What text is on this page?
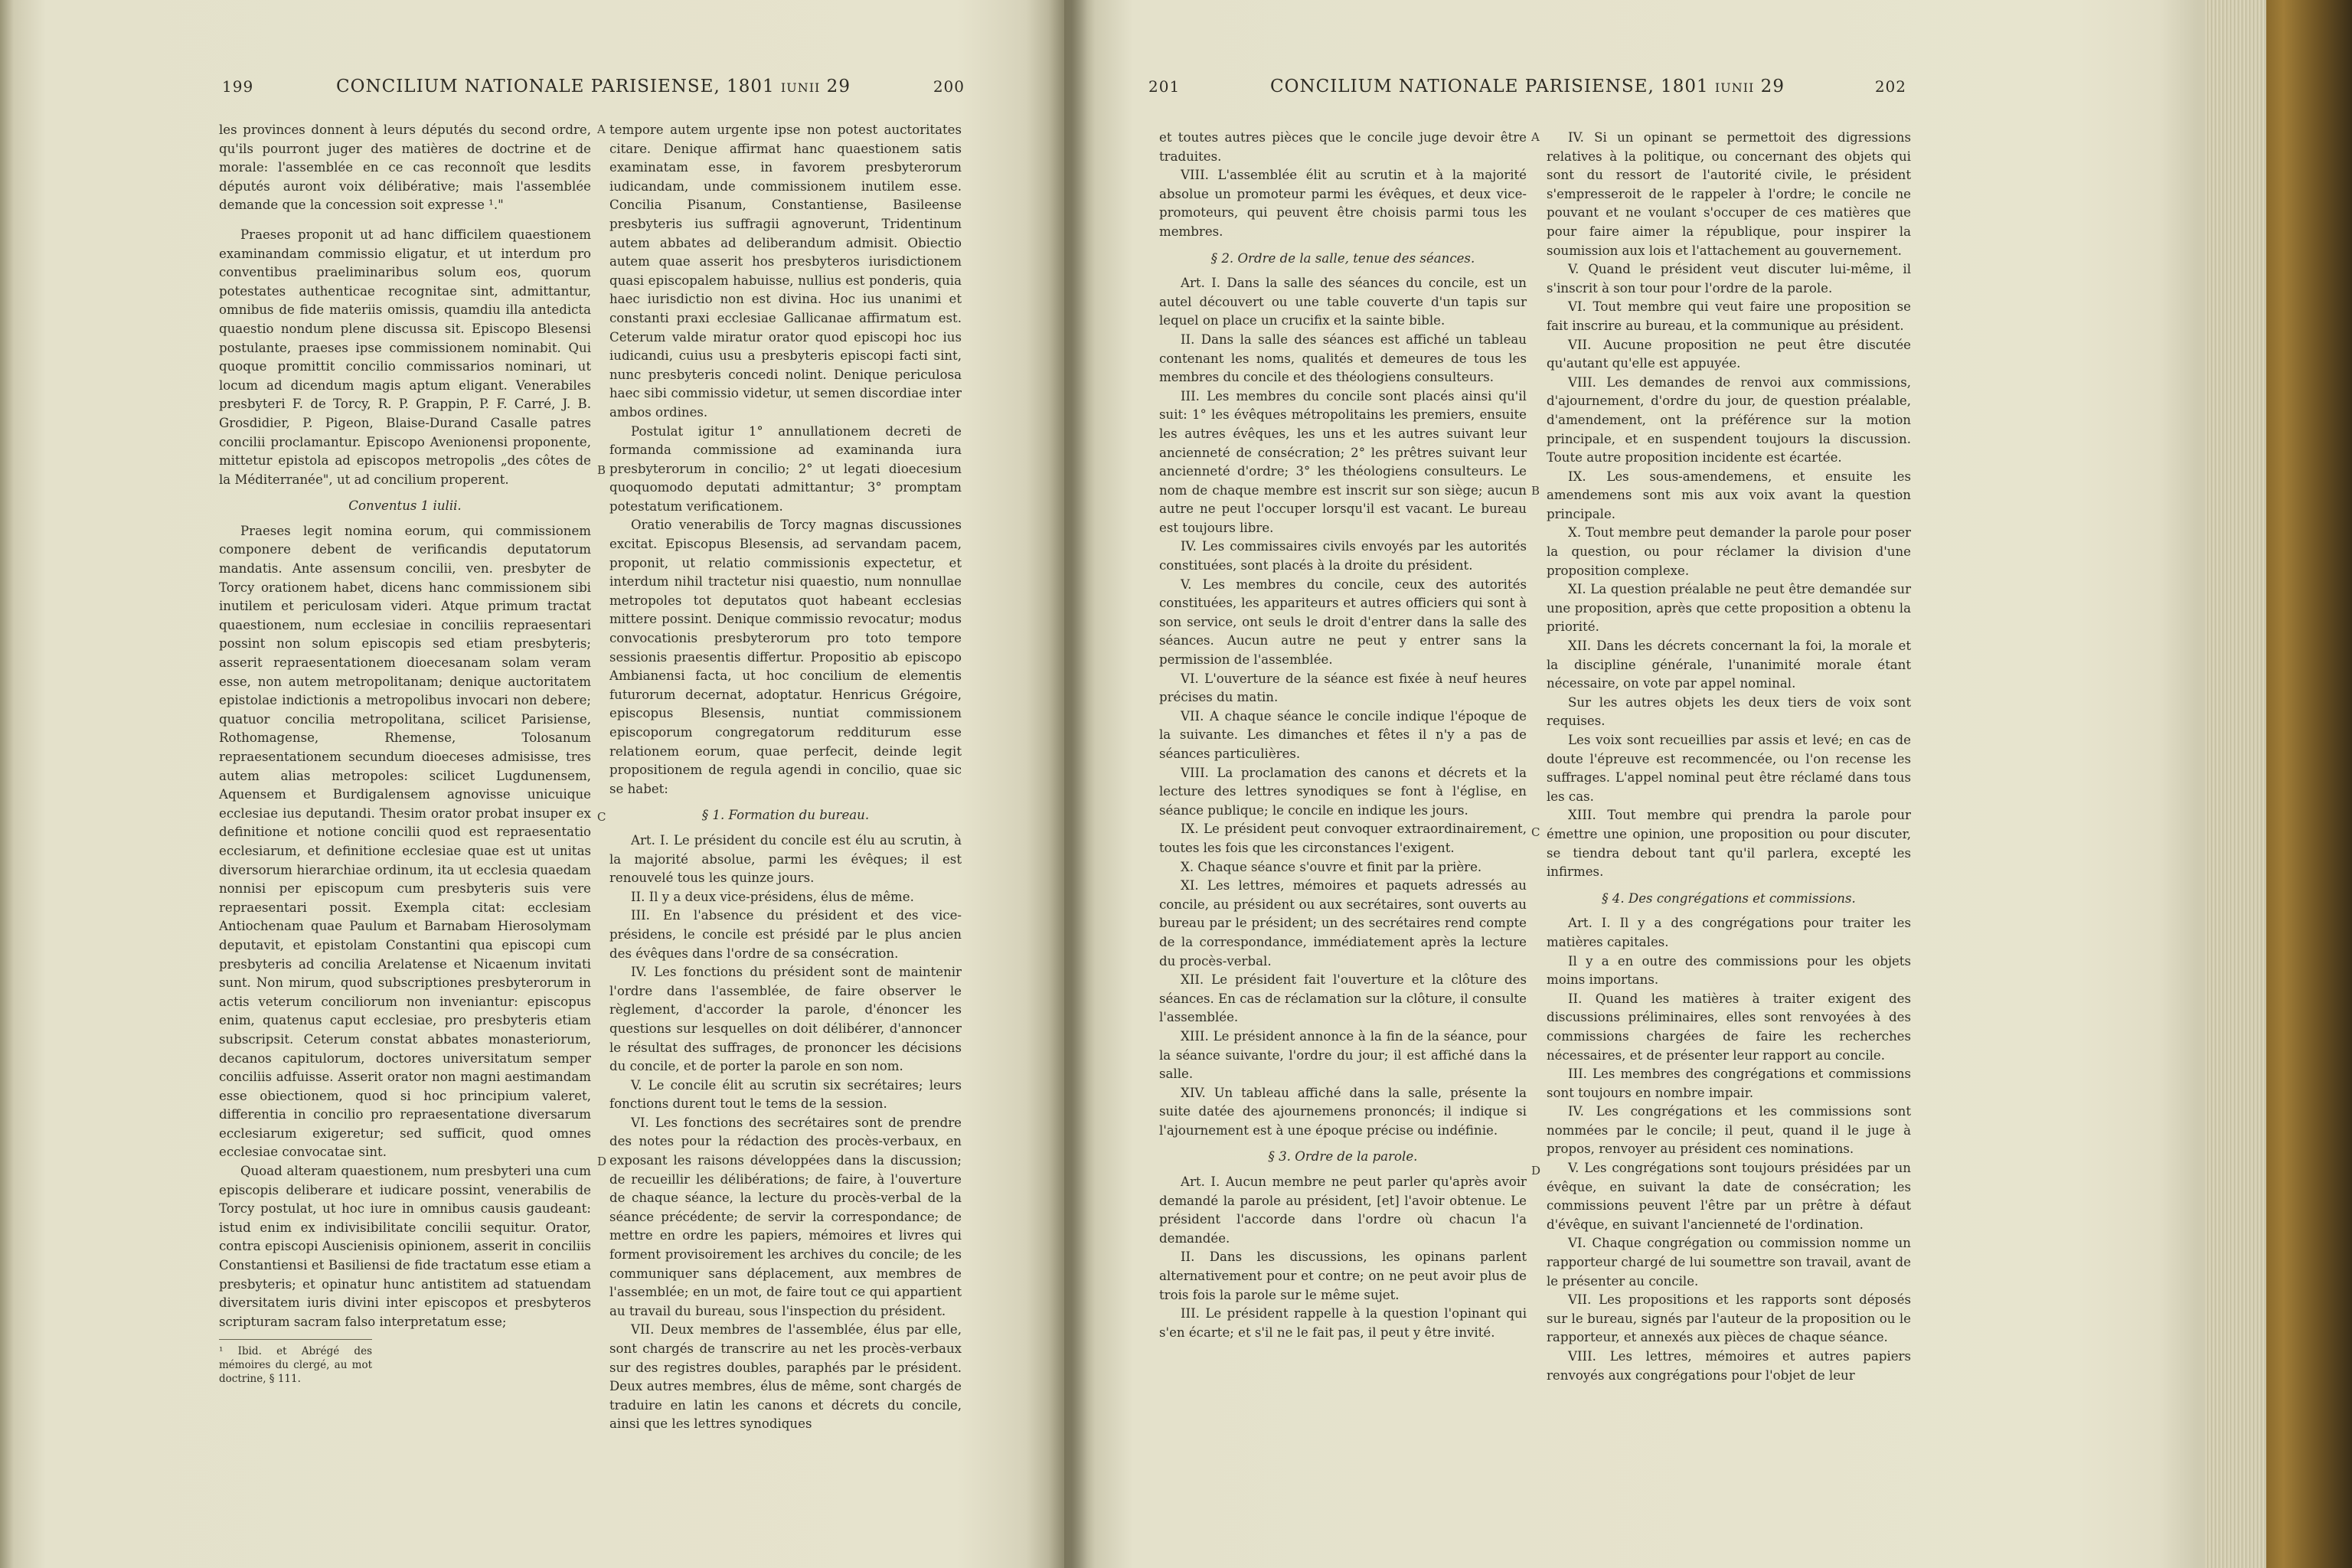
199	CONCILIUM NATIONALE PARISIENSE, 1801 iunii 29	200

les provinces donnent à leurs députés du second ordre, qu'ils pourront juger des matières de doctrine et de morale: l'assemblée en ce cas reconnoît que lesdits députés auront voix délibérative; mais l'assemblée demande que la concession soit expresse ¹."

Praeses proponit ut ad hanc difficilem quaestionem examinandam commissio eligatur, et ut interdum pro conventibus praeliminaribus solum eos, quorum potestates authenticae recognitae sint, admittantur, omnibus de fide materiis omissis, quamdiu illa antedicta quaestio nondum plene discussa sit. Episcopo Blesensi postulante, praeses ipse commissionem nominabit. Qui quoque promittit concilio commissarios nominari, ut locum ad dicendum magis aptum eligant. Venerabiles presbyteri F. de Torcy, R. P. Grappin, P. F. Carré, J. B. Grosdidier, P. Pigeon, Blaise-Durand Casalle patres concilii proclamantur. Episcopo Avenionensi proponente, mittetur epistola ad episcopos metropolis „des côtes de la Méditerranée", ut ad concilium properent.

Conventus 1 iulii.

Praeses legit nomina eorum, qui commissionem componere debent de verificandis deputatorum mandatis. Ante assensum concilii, ven. presbyter de Torcy orationem habet, dicens hanc commissionem sibi inutilem et periculosam videri. Atque primum tractat quaestionem, num ecclesiae in conciliis repraesentari possint non solum episcopis sed etiam presbyteris; asserit repraesentationem dioecesanam solam veram esse, non autem metropolitanam; denique auctoritatem epistolae indictionis a metropolibus invocari non debere; quatuor concilia metropolitana, scilicet Parisiense, Rothomagense, Rhemense, Tolosanum repraesentationem secundum dioeceses admisisse, tres autem alias metropoles: scilicet Lugdunensem, Aquensem et Burdigalensem agnovisse unicuique ecclesiae ius deputandi. Thesim orator probat insuper ex definitione et notione concilii quod est repraesentatio ecclesiarum, et definitione ecclesiae quae est ut unitas diversorum hierarchiae ordinum, ita ut ecclesia quaedam nonnisi per episcopum cum presbyteris suis vere repraesentari possit. Exempla citat: ecclesiam Antiochenam quae Paulum et Barnabam Hierosolymam deputavit, et epistolam Constantini qua episcopi cum presbyteris ad concilia Arelatense et Nicaenum invitati sunt. Non mirum, quod subscriptiones presbyterorum in actis veterum conciliorum non inveniantur: episcopus enim, quatenus caput ecclesiae, pro presbyteris etiam subscripsit. Ceterum constat abbates monasteriorum, decanos capitulorum, doctores universitatum semper conciliis adfuisse. Asserit orator non magni aestimandam esse obiectionem, quod si hoc principium valeret, differentia in concilio pro repraesentatione diversarum ecclesiarum exigeretur; sed sufficit, quod omnes ecclesiae convocatae sint.

Quoad alteram quaestionem, num presbyteri una cum episcopis deliberare et iudicare possint, venerabilis de Torcy postulat, ut hoc iure in omnibus causis gaudeant: istud enim ex indivisibilitate concilii sequitur. Orator, contra episcopi Auscienisis opinionem, asserit in conciliis Constantiensi et Basiliensi de fide tractatum esse etiam a presbyteris; et opinatur hunc antistitem ad statuendam diversitatem iuris divini inter episcopos et presbyteros scripturam sacram falso interpretatum esse;

¹ Ibid. et Abrégé des mémoires du clergé, au mot doctrine, § 111.

tempore autem urgente ipse non potest auctoritates citare. Denique affirmat hanc quaestionem satis examinatam esse, in favorem presbyterorum iudicandam, unde commissionem inutilem esse. Concilia Pisanum, Constantiense, Basileense presbyteris ius suffragii agnoverunt, Tridentinum autem abbates ad deliberandum admisit. Obiectio autem quae asserit hos presbyteros iurisdictionem quasi episcopalem habuisse, nullius est ponderis, quia haec iurisdictio non est divina. Hoc ius unanimi et constanti praxi ecclesiae Gallicanae affirmatum est. Ceterum valde miratur orator quod episcopi hoc ius iudicandi, cuius usu a presbyteris episcopi facti sint, nunc presbyteris concedi nolint. Denique periculosa haec sibi commissio videtur, ut semen discordiae inter ambos ordines.

Postulat igitur 1° annullationem decreti de formanda commissione ad examinanda iura presbyterorum in concilio; 2° ut legati dioecesium quoquomodo deputati admittantur; 3° promptam potestatum verificationem.

Oratio venerabilis de Torcy magnas discussiones excitat. Episcopus Blesensis, ad servandam pacem, proponit, ut relatio commissionis expectetur, et interdum nihil tractetur nisi quaestio, num nonnullae metropoles tot deputatos quot habeant ecclesias mittere possint. Denique commissio revocatur; modus convocationis presbyterorum pro toto tempore sessionis praesentis differtur. Propositio ab episcopo Ambianensi facta, ut hoc concilium de elementis futurorum decernat, adoptatur. Henricus Grégoire, episcopus Blesensis, nuntiat commissionem episcoporum congregatorum redditurum esse relationem eorum, quae perfecit, deinde legit propositionem de regula agendi in concilio, quae sic se habet:

§ 1. Formation du bureau.

Art. I. Le président du concile est élu au scrutin, à la majorité absolue, parmi les évêques; il est renouvelé tous les quinze jours.

II. Il y a deux vice-présidens, élus de même.

III. En l'absence du président et des vice-présidens, le concile est présidé par le plus ancien des évêques dans l'ordre de sa consécration.

IV. Les fonctions du président sont de maintenir l'ordre dans l'assemblée, de faire observer le règlement, d'accorder la parole, d'énoncer les questions sur lesquelles on doit délibérer, d'annoncer le résultat des suffrages, de prononcer les décisions du concile, et de porter la parole en son nom.

V. Le concile élit au scrutin six secrétaires; leurs fonctions durent tout le tems de la session.

VI. Les fonctions des secrétaires sont de prendre des notes pour la rédaction des procès-verbaux, en exposant les raisons développées dans la discussion; de recueillir les délibérations; de faire, à l'ouverture de chaque séance, la lecture du procès-verbal de la séance précédente; de servir la correspondance; de mettre en ordre les papiers, mémoires et livres qui forment provisoirement les archives du concile; de les communiquer sans déplacement, aux membres de l'assemblée; en un mot, de faire tout ce qui appartient au travail du bureau, sous l'inspection du président.

VII. Deux membres de l'assemblée, élus par elle, sont chargés de transcrire au net les procès-verbaux sur des registres doubles, paraphés par le président. Deux autres membres, élus de même, sont chargés de traduire en latin les canons et décrets du concile, ainsi que les lettres synodiques

A
B
C
D
201	CONCILIUM NATIONALE PARISIENSE, 1801 iunii 29	202

et toutes autres pièces que le concile juge devoir être traduites.

VIII. L'assemblée élit au scrutin et à la majorité absolue un promoteur parmi les évêques, et deux vice-promoteurs, qui peuvent être choisis parmi tous les membres.

§ 2. Ordre de la salle, tenue des séances.

Art. I. Dans la salle des séances du concile, est un autel découvert ou une table couverte d'un tapis sur lequel on place un crucifix et la sainte bible.

II. Dans la salle des séances est affiché un tableau contenant les noms, qualités et demeures de tous les membres du concile et des théologiens consulteurs.

III. Les membres du concile sont placés ainsi qu'il suit: 1° les évêques métropolitains les premiers, ensuite les autres évêques, les uns et les autres suivant leur ancienneté de consécration; 2° les prêtres suivant leur ancienneté d'ordre; 3° les théologiens consulteurs. Le nom de chaque membre est inscrit sur son siège; aucun autre ne peut l'occuper lorsqu'il est vacant. Le bureau est toujours libre.

IV. Les commissaires civils envoyés par les autorités constituées, sont placés à la droite du président.

V. Les membres du concile, ceux des autorités constituées, les appariteurs et autres officiers qui sont à son service, ont seuls le droit d'entrer dans la salle des séances. Aucun autre ne peut y entrer sans la permission de l'assemblée.

VI. L'ouverture de la séance est fixée à neuf heures précises du matin.

VII. A chaque séance le concile indique l'époque de la suivante. Les dimanches et fêtes il n'y a pas de séances particulières.

VIII. La proclamation des canons et décrets et la lecture des lettres synodiques se font à l'église, en séance publique; le concile en indique les jours.

IX. Le président peut convoquer extraordinairement, toutes les fois que les circonstances l'exigent.

X. Chaque séance s'ouvre et finit par la prière.

XI. Les lettres, mémoires et paquets adressés au concile, au président ou aux secrétaires, sont ouverts au bureau par le président; un des secrétaires rend compte de la correspondance, immédiatement après la lecture du procès-verbal.

XII. Le président fait l'ouverture et la clôture des séances. En cas de réclamation sur la clôture, il consulte l'assemblée.

XIII. Le président annonce à la fin de la séance, pour la séance suivante, l'ordre du jour; il est affiché dans la salle.

XIV. Un tableau affiché dans la salle, présente la suite datée des ajournemens prononcés; il indique si l'ajournement est à une époque précise ou indéfinie.

§ 3. Ordre de la parole.

Art. I. Aucun membre ne peut parler qu'après avoir demandé la parole au président, [et] l'avoir obtenue. Le président l'accorde dans l'ordre où chacun l'a demandée.

II. Dans les discussions, les opinans parlent alternativement pour et contre; on ne peut avoir plus de trois fois la parole sur le même sujet.

III. Le président rappelle à la question l'opinant qui s'en écarte; et s'il ne le fait pas, il peut y être invité.

IV. Si un opinant se permettoit des digressions relatives à la politique, ou concernant des objets qui sont du ressort de l'autorité civile, le président s'empresseroit de le rappeler à l'ordre; le concile ne pouvant et ne voulant s'occuper de ces matières que pour faire aimer la république, pour inspirer la soumission aux lois et l'attachement au gouvernement.

V. Quand le président veut discuter lui-même, il s'inscrit à son tour pour l'ordre de la parole.

VI. Tout membre qui veut faire une proposition se fait inscrire au bureau, et la communique au président.

VII. Aucune proposition ne peut être discutée qu'autant qu'elle est appuyée.

VIII. Les demandes de renvoi aux commissions, d'ajournement, d'ordre du jour, de question préalable, d'amendement, ont la préférence sur la motion principale, et en suspendent toujours la discussion. Toute autre proposition incidente est écartée.

IX. Les sous-amendemens, et ensuite les amendemens sont mis aux voix avant la question principale.

X. Tout membre peut demander la parole pour poser la question, ou pour réclamer la division d'une proposition complexe.

XI. La question préalable ne peut être demandée sur une proposition, après que cette proposition a obtenu la priorité.

XII. Dans les décrets concernant la foi, la morale et la discipline générale, l'unanimité morale étant nécessaire, on vote par appel nominal.

Sur les autres objets les deux tiers de voix sont requises.

Les voix sont recueillies par assis et levé; en cas de doute l'épreuve est recommencée, ou l'on recense les suffrages. L'appel nominal peut être réclamé dans tous les cas.

XIII. Tout membre qui prendra la parole pour émettre une opinion, une proposition ou pour discuter, se tiendra debout tant qu'il parlera, excepté les infirmes.

§ 4. Des congrégations et commissions.

Art. I. Il y a des congrégations pour traiter les matières capitales.

Il y a en outre des commissions pour les objets moins importans.

II. Quand les matières à traiter exigent des discussions préliminaires, elles sont renvoyées à des commissions chargées de faire les recherches nécessaires, et de présenter leur rapport au concile.

III. Les membres des congrégations et commissions sont toujours en nombre impair.

IV. Les congrégations et les commissions sont nommées par le concile; il peut, quand il le juge à propos, renvoyer au président ces nominations.

V. Les congrégations sont toujours présidées par un évêque, en suivant la date de consécration; les commissions peuvent l'être par un prêtre à défaut d'évêque, en suivant l'ancienneté de l'ordination.

VI. Chaque congrégation ou commission nomme un rapporteur chargé de lui soumettre son travail, avant de le présenter au concile.

VII. Les propositions et les rapports sont déposés sur le bureau, signés par l'auteur de la proposition ou le rapporteur, et annexés aux pièces de chaque séance.

VIII. Les lettres, mémoires et autres papiers renvoyés aux congrégations pour l'objet de leur

A
B
C
D
